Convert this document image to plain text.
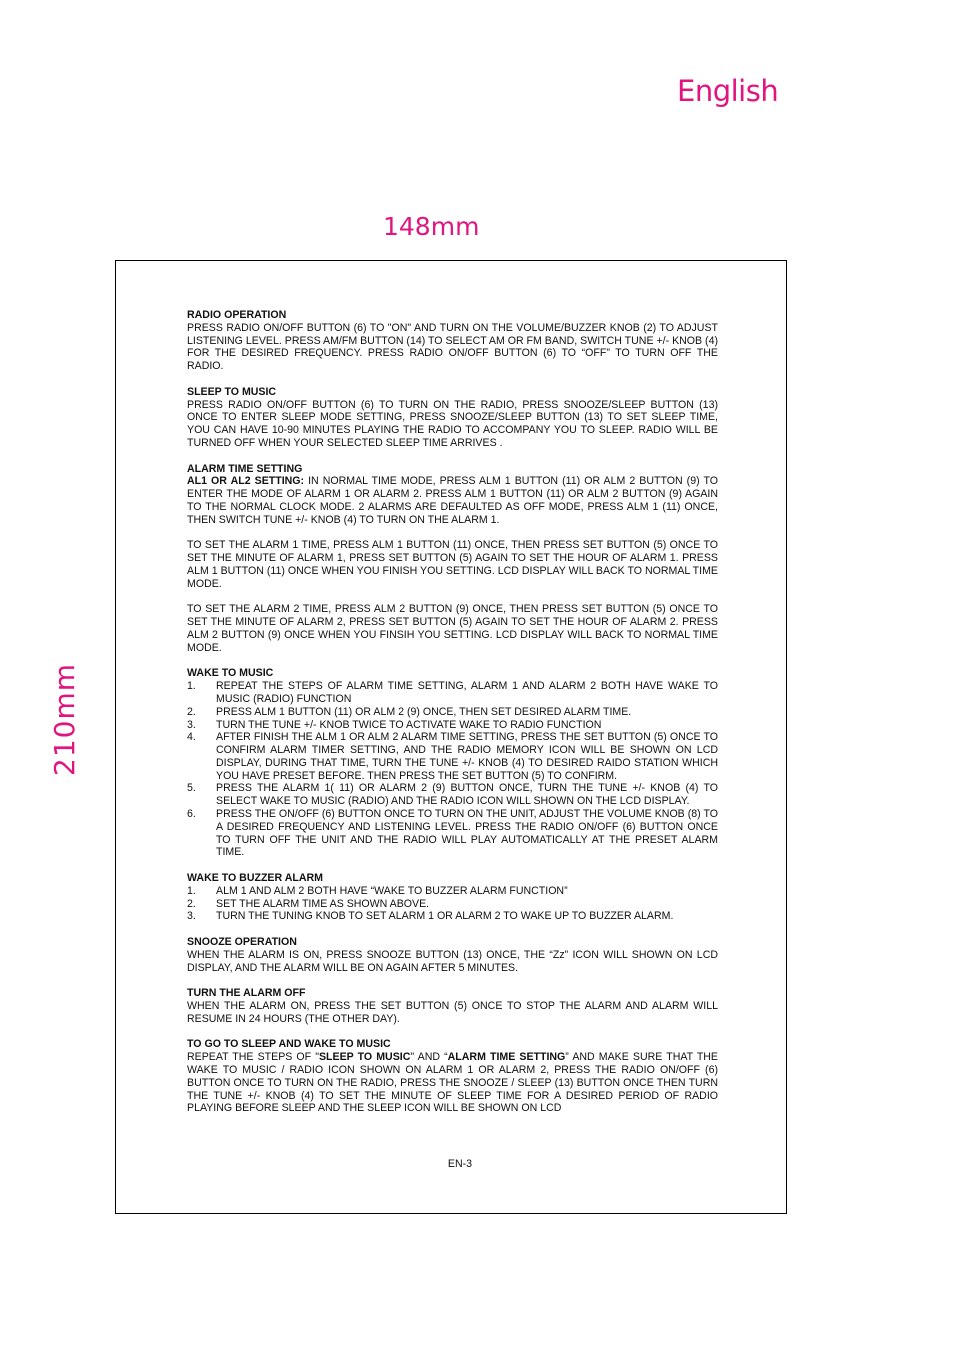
English
148mm
210mm
RADIO OPERATION

PRESS RADIO ON/OFF BUTTON (6) TO "ON" AND TURN ON THE VOLUME/BUZZER KNOB (2) TO ADJUST LISTENING LEVEL. PRESS AM/FM BUTTON (14) TO SELECT AM OR FM BAND, SWITCH TUNE +/- KNOB (4) FOR THE DESIRED FREQUENCY. PRESS RADIO ON/OFF BUTTON (6) TO “OFF” TO TURN OFF THE RADIO.

SLEEP TO MUSIC

PRESS RADIO ON/OFF BUTTON (6) TO TURN ON THE RADIO, PRESS SNOOZE/SLEEP BUTTON (13) ONCE TO ENTER SLEEP MODE SETTING, PRESS SNOOZE/SLEEP BUTTON (13) TO SET SLEEP TIME, YOU CAN HAVE 10-90 MINUTES PLAYING THE RADIO TO ACCOMPANY YOU TO SLEEP. RADIO WILL BE TURNED OFF WHEN YOUR SELECTED SLEEP TIME ARRIVES .

ALARM TIME SETTING

AL1 OR AL2 SETTING: IN NORMAL TIME MODE, PRESS ALM 1 BUTTON (11) OR ALM 2 BUTTON (9) TO ENTER THE MODE OF ALARM 1 OR ALARM 2. PRESS ALM 1 BUTTON (11) OR ALM 2 BUTTON (9) AGAIN TO THE NORMAL CLOCK MODE. 2 ALARMS ARE DEFAULTED AS OFF MODE, PRESS ALM 1 (11) ONCE, THEN SWITCH TUNE +/- KNOB (4) TO TURN ON THE ALARM 1.

TO SET THE ALARM 1 TIME, PRESS ALM 1 BUTTON (11) ONCE, THEN PRESS SET BUTTON (5) ONCE TO SET THE MINUTE OF ALARM 1, PRESS SET BUTTON (5) AGAIN TO SET THE HOUR OF ALARM 1. PRESS ALM 1 BUTTON (11) ONCE WHEN YOU FINISH YOU SETTING. LCD DISPLAY WILL BACK TO NORMAL TIME MODE.

TO SET THE ALARM 2 TIME, PRESS ALM 2 BUTTON (9) ONCE, THEN PRESS SET BUTTON (5) ONCE TO SET THE MINUTE OF ALARM 2, PRESS SET BUTTON (5) AGAIN TO SET THE HOUR OF ALARM 2. PRESS ALM 2 BUTTON (9) ONCE WHEN YOU FINSIH YOU SETTING. LCD DISPLAY WILL BACK TO NORMAL TIME MODE.

WAKE TO MUSIC
1. REPEAT THE STEPS OF ALARM TIME SETTING, ALARM 1 AND ALARM 2 BOTH HAVE WAKE TO MUSIC (RADIO) FUNCTION
2. PRESS ALM 1 BUTTON (11) OR ALM 2 (9) ONCE, THEN SET DESIRED ALARM TIME.
3. TURN THE TUNE +/- KNOB TWICE TO ACTIVATE WAKE TO RADIO FUNCTION
4. AFTER FINISH THE ALM 1 OR ALM 2 ALARM TIME SETTING, PRESS THE SET BUTTON (5) ONCE TO CONFIRM ALARM TIMER SETTING, AND THE RADIO MEMORY ICON WILL BE SHOWN ON LCD DISPLAY, DURING THAT TIME, TURN THE TUNE +/- KNOB (4) TO DESIRED RAIDO STATION WHICH YOU HAVE PRESET BEFORE. THEN PRESS THE SET BUTTON (5) TO CONFIRM.
5. PRESS THE ALARM 1( 11) OR ALARM 2 (9) BUTTON ONCE, TURN THE TUNE +/- KNOB (4) TO SELECT WAKE TO MUSIC (RADIO) AND THE RADIO ICON WILL SHOWN ON THE LCD DISPLAY.
6. PRESS THE ON/OFF (6) BUTTON ONCE TO TURN ON THE UNIT, ADJUST THE VOLUME KNOB (8) TO A DESIRED FREQUENCY AND LISTENING LEVEL. PRESS THE RADIO ON/OFF (6) BUTTON ONCE TO TURN OFF THE UNIT AND THE RADIO WILL PLAY AUTOMATICALLY AT THE PRESET ALARM TIME.
WAKE TO BUZZER ALARM
1. ALM 1 AND ALM 2 BOTH HAVE “WAKE TO BUZZER ALARM FUNCTION”
2. SET THE ALARM TIME AS SHOWN ABOVE.
3. TURN THE TUNING KNOB TO SET ALARM 1 OR ALARM 2 TO WAKE UP TO BUZZER ALARM.
SNOOZE OPERATION

WHEN THE ALARM IS ON, PRESS SNOOZE BUTTON (13) ONCE, THE “Zz” ICON WILL SHOWN ON LCD DISPLAY, AND THE ALARM WILL BE ON AGAIN AFTER 5 MINUTES.

TURN THE ALARM OFF

WHEN THE ALARM ON, PRESS THE SET BUTTON (5) ONCE TO STOP THE ALARM AND ALARM WILL RESUME IN 24 HOURS (THE OTHER DAY).

TO GO TO SLEEP AND WAKE TO MUSIC

REPEAT THE STEPS OF "SLEEP TO MUSIC" AND “ALARM TIME SETTING” AND MAKE SURE THAT THE WAKE TO MUSIC / RADIO ICON SHOWN ON ALARM 1 OR ALARM 2, PRESS THE RADIO ON/OFF (6) BUTTON ONCE TO TURN ON THE RADIO, PRESS THE SNOOZE / SLEEP (13) BUTTON ONCE THEN TURN THE TUNE +/- KNOB (4) TO SET THE MINUTE OF SLEEP TIME FOR A DESIRED PERIOD OF RADIO PLAYING BEFORE SLEEP AND THE SLEEP ICON WILL BE SHOWN ON LCD

EN-3
